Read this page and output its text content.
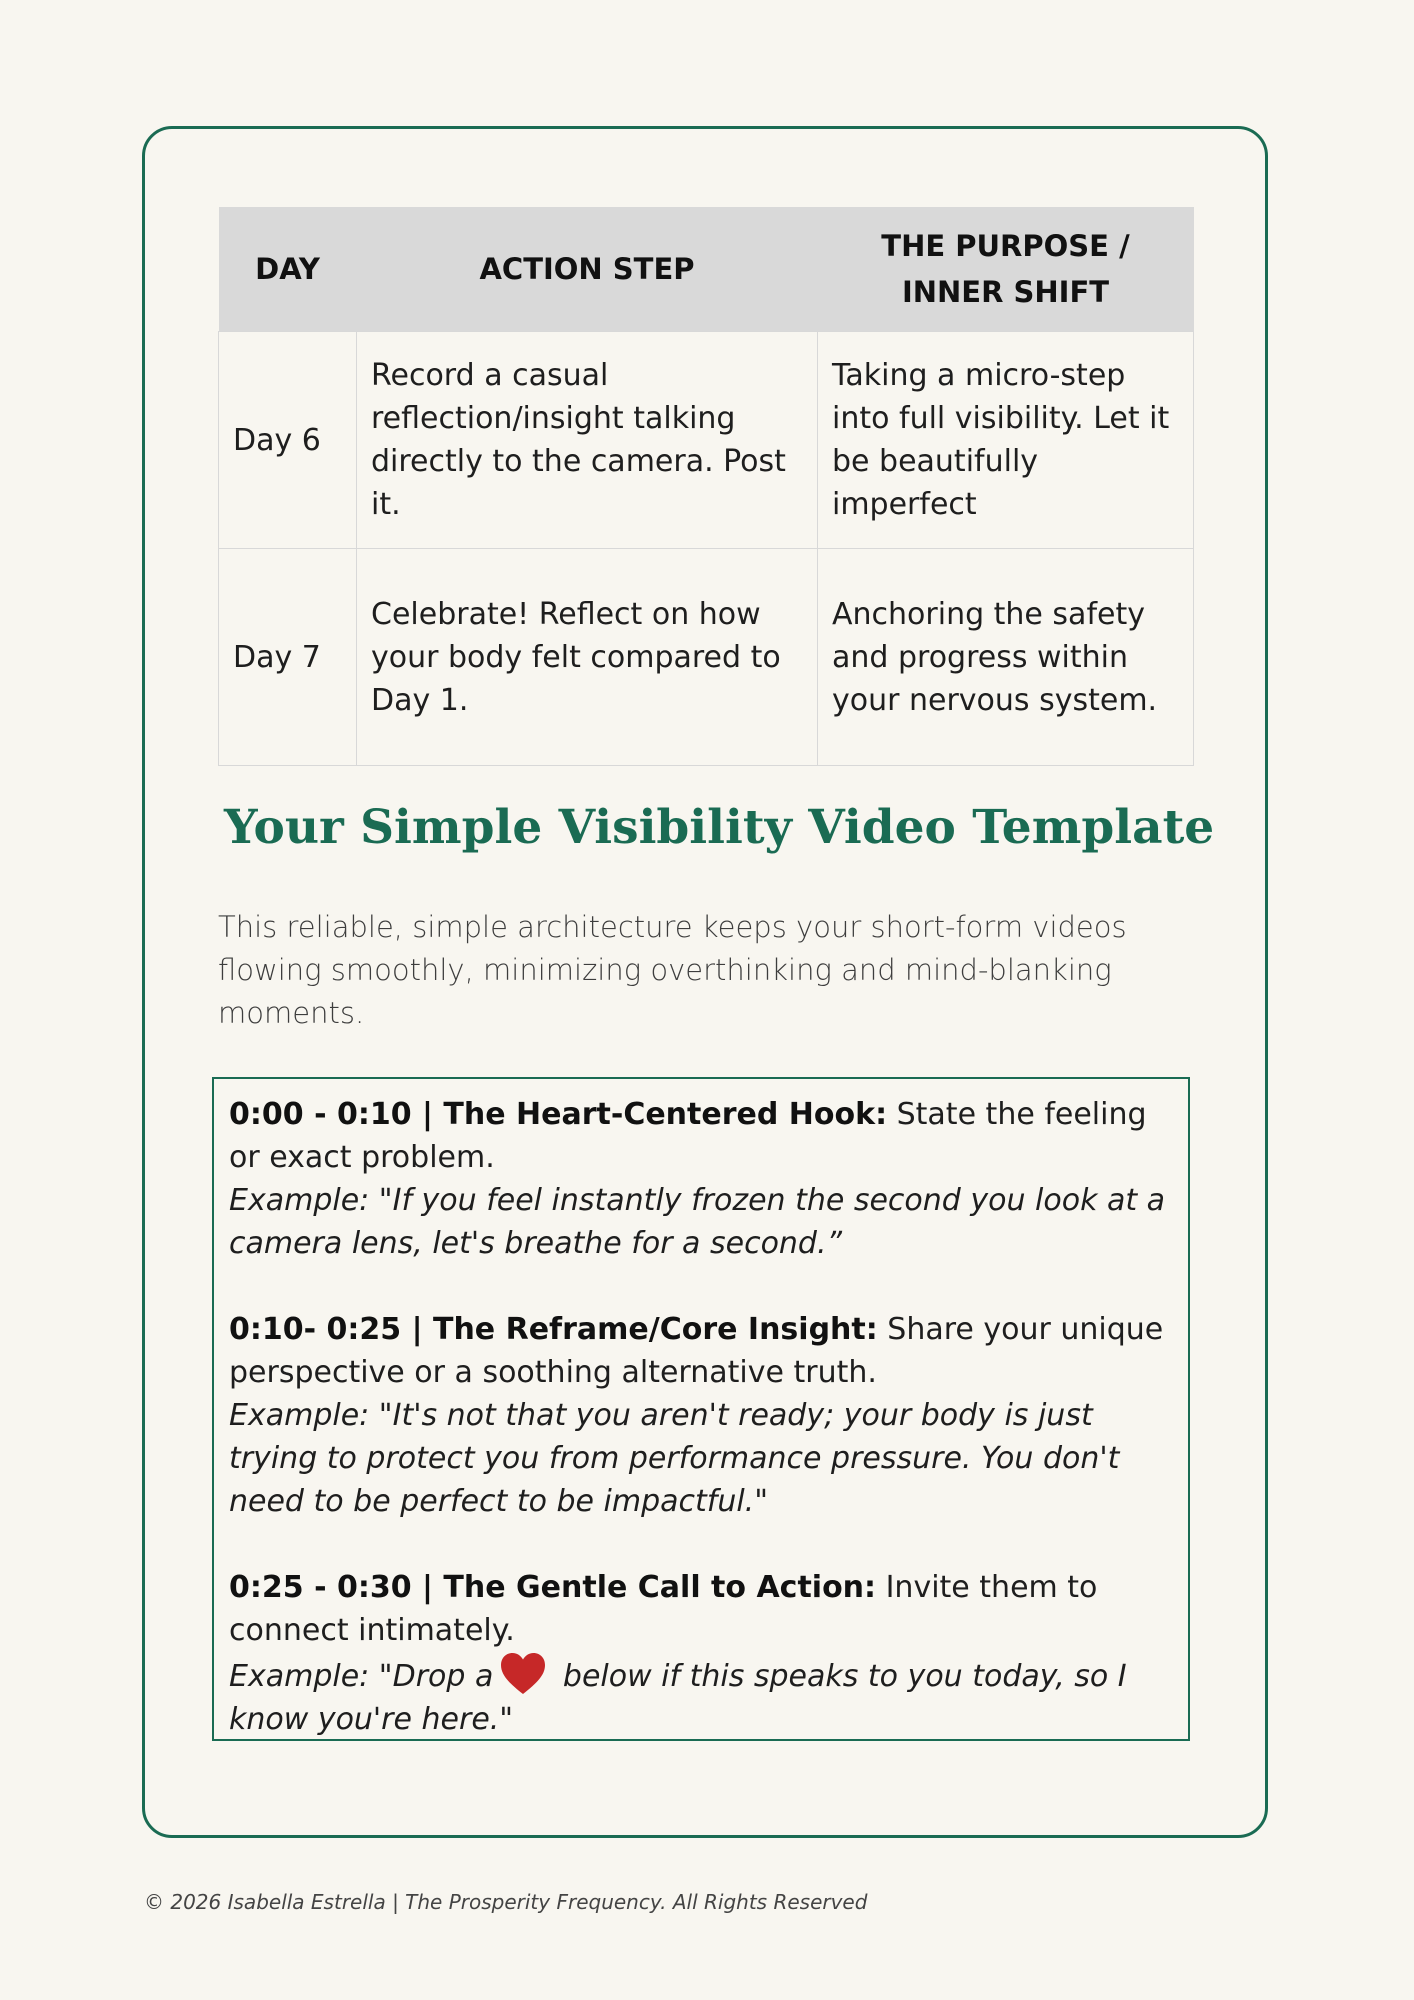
DAY	ACTION STEP	THE PURPOSE / INNER SHIFT
Day 6	Record a casual reflection/insight talking directly to the camera. Post it.	Taking a micro-step into full visibility. Let it be beautifully imperfect
Day 7	Celebrate! Reflect on how your body felt compared to Day 1.	Anchoring the safety and progress within your nervous system.
Your Simple Visibility Video Template

This reliable, simple architecture keeps your short-form videos flowing smoothly, minimizing overthinking and mind-blanking moments.

0:00 - 0:10 | The Heart-Centered Hook: State the feeling or exact problem.
Example: "If you feel instantly frozen the second you look at a camera lens, let's breathe for a second.”

0:10- 0:25 | The Reframe/Core Insight: Share your unique perspective or a soothing alternative truth.
Example: "It's not that you aren't ready; your body is just trying to protect you from performance pressure. You don't need to be perfect to be impactful."

0:25 - 0:30 | The Gentle Call to Action: Invite them to connect intimately.
Example: "Drop a below if this speaks to you today, so I know you're here."

© 2026 Isabella Estrella | The Prosperity Frequency. All Rights Reserved
